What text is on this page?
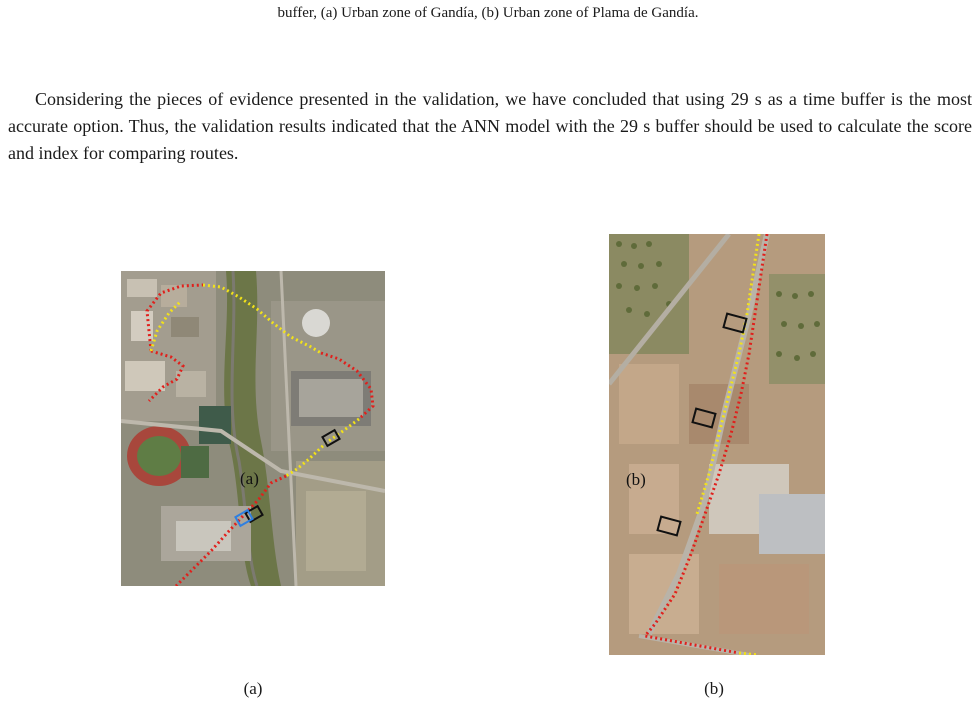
buffer, (a) Urban zone of Gandía, (b) Urban zone of Plama de Gandía.

Considering the pieces of evidence presented in the validation, we have concluded that using 29 s as a time buffer is the most accurate option. Thus, the validation results indicated that the ANN model with the 29 s buffer should be used to calculate the score and index for comparing routes.

(a)	(b)
(a)	(b)
